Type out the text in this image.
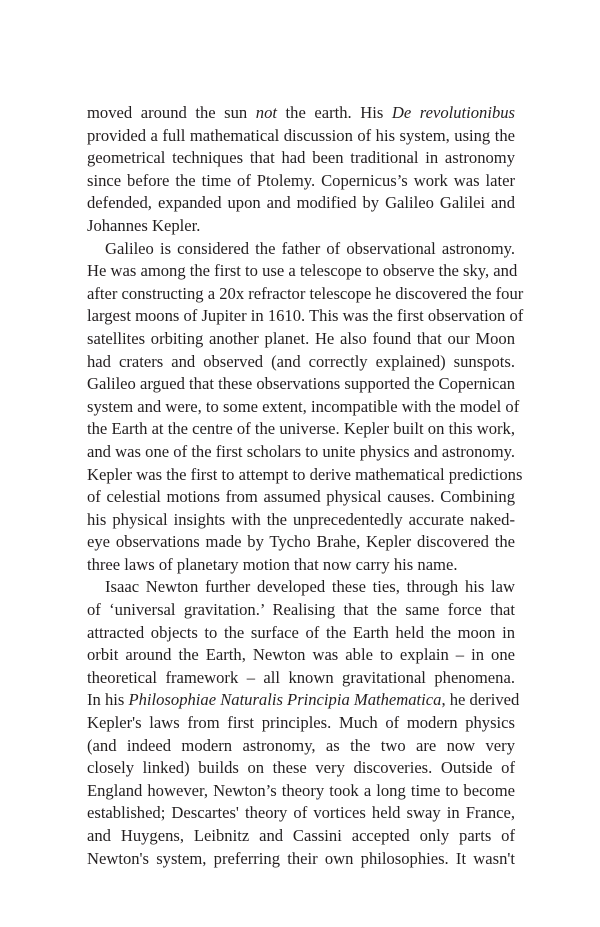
moved around the sun not the earth. His De revolutionibus
provided a full mathematical discussion of his system, using the
geometrical techniques that had been traditional in astronomy
since before the time of Ptolemy. Copernicus’s work was later
defended, expanded upon and modified by Galileo Galilei and
Johannes Kepler.
Galileo is considered the father of observational astronomy.
He was among the first to use a telescope to observe the sky, and
after constructing a 20x refractor telescope he discovered the four
largest moons of Jupiter in 1610. This was the first observation of
satellites orbiting another planet. He also found that our Moon
had craters and observed (and correctly explained) sunspots.
Galileo argued that these observations supported the Copernican
system and were, to some extent, incompatible with the model of
the Earth at the centre of the universe. Kepler built on this work,
and was one of the first scholars to unite physics and astronomy.
Kepler was the first to attempt to derive mathematical predictions
of celestial motions from assumed physical causes. Combining
his physical insights with the unprecedentedly accurate naked-
eye observations made by Tycho Brahe, Kepler discovered the
three laws of planetary motion that now carry his name.
Isaac Newton further developed these ties, through his law
of ‘universal gravitation.’ Realising that the same force that
attracted objects to the surface of the Earth held the moon in
orbit around the Earth, Newton was able to explain – in one
theoretical framework – all known gravitational phenomena.
In his Philosophiae Naturalis Principia Mathematica, he derived
Kepler's laws from first principles. Much of modern physics
(and indeed modern astronomy, as the two are now very
closely linked) builds on these very discoveries. Outside of
England however, Newton’s theory took a long time to become
established; Descartes' theory of vortices held sway in France,
and Huygens, Leibnitz and Cassini accepted only parts of
Newton's system, preferring their own philosophies. It wasn't
